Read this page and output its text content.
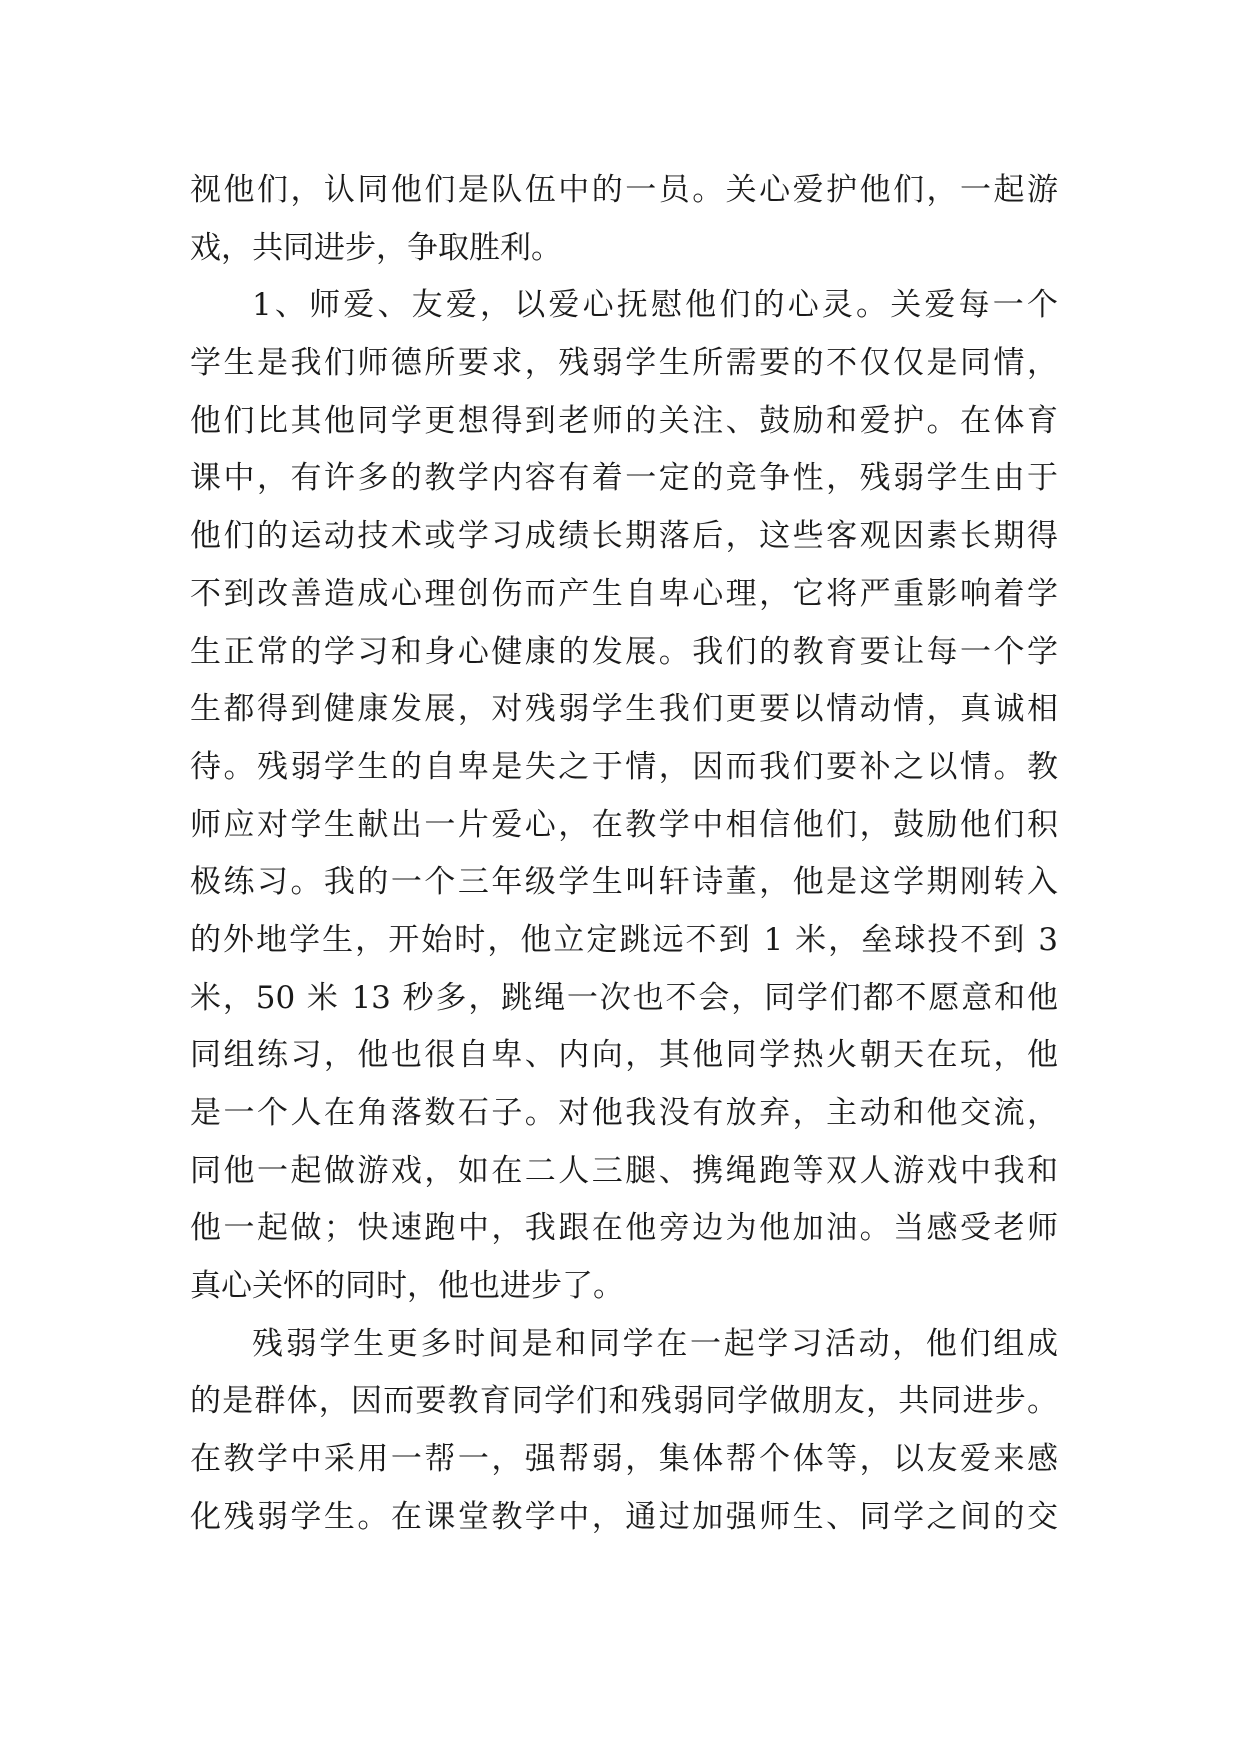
视他们，认同他们是队伍中的一员。关心爱护他们，一起游
戏，共同进步，争取胜利。
1、师爱、友爱，以爱心抚慰他们的心灵。关爱每一个
学生是我们师德所要求，残弱学生所需要的不仅仅是同情，
他们比其他同学更想得到老师的关注、鼓励和爱护。在体育
课中，有许多的教学内容有着一定的竞争性，残弱学生由于
他们的运动技术或学习成绩长期落后，这些客观因素长期得
不到改善造成心理创伤而产生自卑心理，它将严重影响着学
生正常的学习和身心健康的发展。我们的教育要让每一个学
生都得到健康发展，对残弱学生我们更要以情动情，真诚相
待。残弱学生的自卑是失之于情，因而我们要补之以情。教
师应对学生献出一片爱心，在教学中相信他们，鼓励他们积
极练习。我的一个三年级学生叫轩诗董，他是这学期刚转入
的外地学生，开始时，他立定跳远不到 1 米，垒球投不到 3
米，50 米 13 秒多，跳绳一次也不会，同学们都不愿意和他
同组练习，他也很自卑、内向，其他同学热火朝天在玩，他
是一个人在角落数石子。对他我没有放弃，主动和他交流，
同他一起做游戏，如在二人三腿、携绳跑等双人游戏中我和
他一起做；快速跑中，我跟在他旁边为他加油。当感受老师
真心关怀的同时，他也进步了。
残弱学生更多时间是和同学在一起学习活动，他们组成
的是群体，因而要教育同学们和残弱同学做朋友，共同进步。
在教学中采用一帮一，强帮弱，集体帮个体等，以友爱来感
化残弱学生。在课堂教学中，通过加强师生、同学之间的交
